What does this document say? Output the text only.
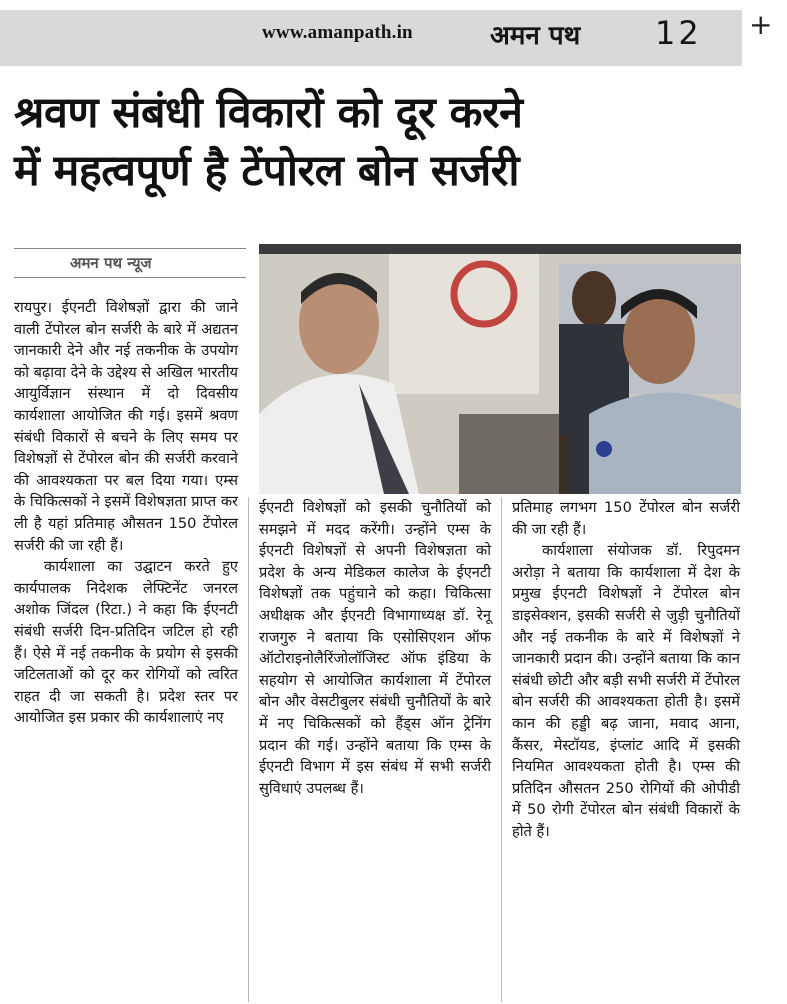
www.amanpath.in	अमन पथ 12 +
श्रवण संबंधी विकारों को दूर करने
में महत्वपूर्ण है टेंपोरल बोन सर्जरी
अमन पथ न्यूज

रायपुर। ईएनटी विशेषज्ञों द्वारा की जाने वाली टेंपोरल बोन सर्जरी के बारे में अद्यतन जानकारी देने और नई तकनीक के उपयोग को बढ़ावा देने के उद्देश्य से अखिल भारतीय आयुर्विज्ञान संस्थान में दो दिवसीय कार्यशाला आयोजित की गई। इसमें श्रवण संबंधी विकारों से बचने के लिए समय पर विशेषज्ञों से टेंपोरल बोन की सर्जरी करवाने की आवश्यकता पर बल दिया गया। एम्स के चिकित्सकों ने इसमें विशेषज्ञता प्राप्त कर ली है यहां प्रतिमाह औसतन 150 टेंपोरल सर्जरी की जा रही हैं।

कार्यशाला का उद्घाटन करते हुए कार्यपालक निदेशक लेफ्टिनेंट जनरल अशोक जिंदल (रिटा.) ने कहा कि ईएनटी संबंधी सर्जरी दिन-प्रतिदिन जटिल हो रही हैं। ऐसे में नई तकनीक के प्रयोग से इसकी जटिलताओं को दूर कर रोगियों को त्वरित राहत दी जा सकती है। प्रदेश स्तर पर आयोजित इस प्रकार की कार्यशालाएं नए

ईएनटी विशेषज्ञों को इसकी चुनौतियों को समझने में मदद करेंगी। उन्होंने एम्स के ईएनटी विशेषज्ञों से अपनी विशेषज्ञता को प्रदेश के अन्य मेडिकल कालेज के ईएनटी विशेषज्ञों तक पहुंचाने को कहा। चिकित्सा अधीक्षक और ईएनटी विभागाध्यक्ष डॉ. रेनू राजगुरु ने बताया कि एसोसिएशन ऑफ ऑटोराइनोलैरिंजोलॉजिस्ट ऑफ इंडिया के सहयोग से आयोजित कार्यशाला में टेंपोरल बोन और वेसटीबुलर संबंधी चुनौतियों के बारे में नए चिकित्सकों को हैंड्स ऑन ट्रेनिंग प्रदान की गई। उन्होंने बताया कि एम्स के ईएनटी विभाग में इस संबंध में सभी सर्जरी सुविधाएं उपलब्ध हैं।

प्रतिमाह लगभग 150 टेंपोरल बोन सर्जरी की जा रही हैं।

कार्यशाला संयोजक डॉ. रिपुदमन अरोड़ा ने बताया कि कार्यशाला में देश के प्रमुख ईएनटी विशेषज्ञों ने टेंपोरल बोन डाइसेक्शन, इसकी सर्जरी से जुड़ी चुनौतियों और नई तकनीक के बारे में विशेषज्ञों ने जानकारी प्रदान की। उन्होंने बताया कि कान संबंधी छोटी और बड़ी सभी सर्जरी में टेंपोरल बोन सर्जरी की आवश्यकता होती है। इसमें कान की हड्डी बढ़ जाना, मवाद आना, कैंसर, मेस्टॉयड, इंप्लांट आदि में इसकी नियमित आवश्यकता होती है। एम्स की प्रतिदिन औसतन 250 रोगियों की ओपीडी में 50 रोगी टेंपोरल बोन संबंधी विकारों के होते हैं।
